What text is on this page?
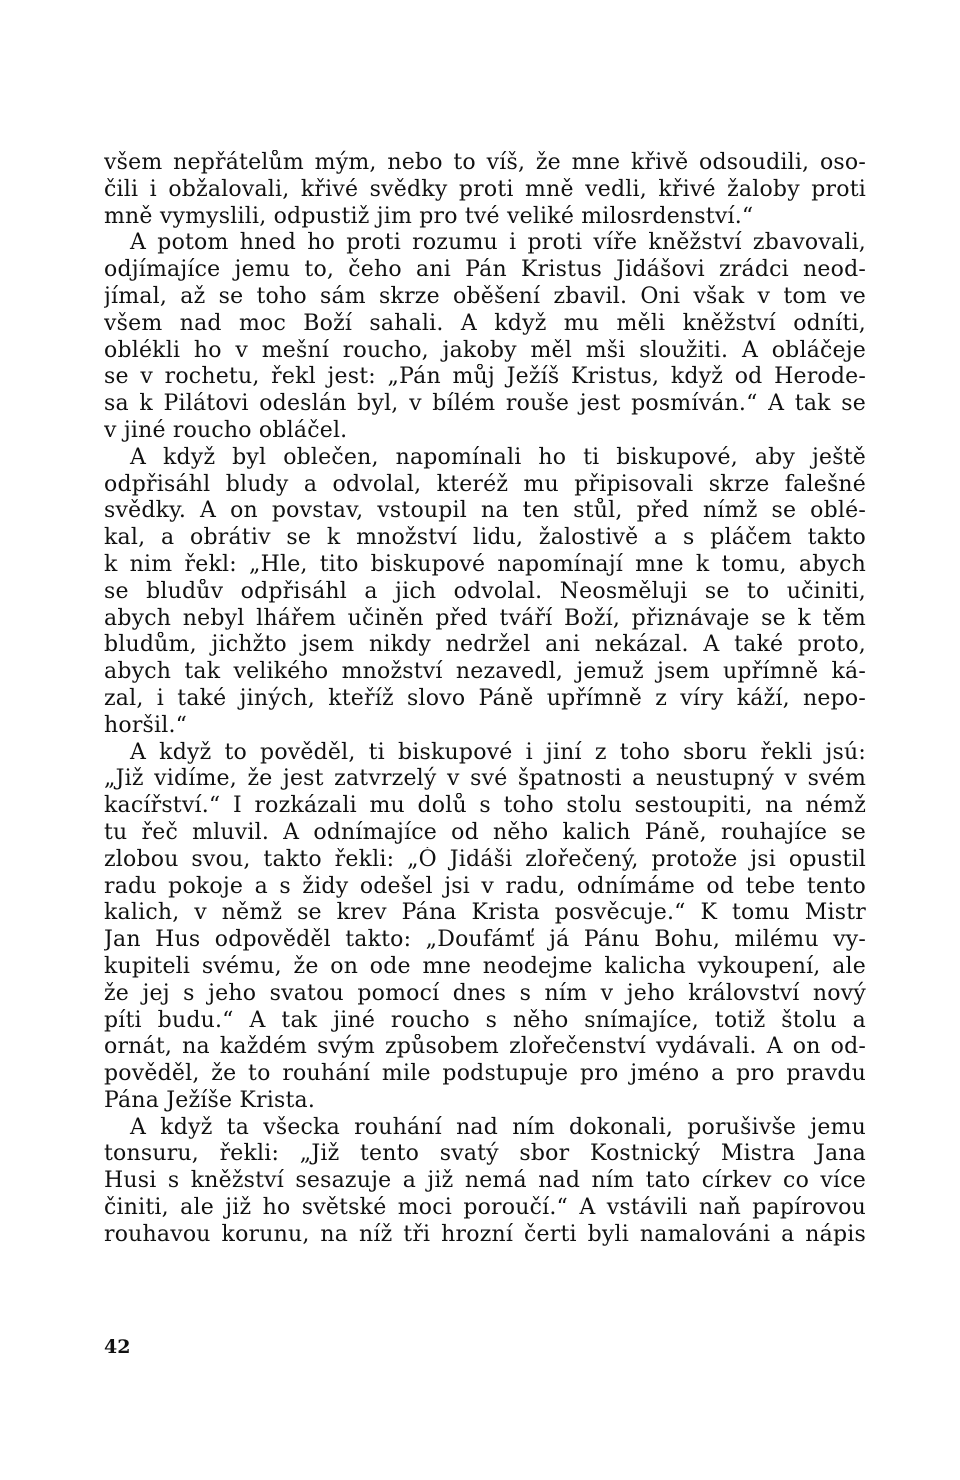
všem nepřátelům mým, nebo to víš, že mne křivě odsoudili, oso-
čili i obžalovali, křivé svědky proti mně vedli, křivé žaloby proti
mně vymyslili, odpustiž jim pro tvé veliké milosrdenství.“
A potom hned ho proti rozumu i proti víře kněžství zbavovali,
odjímajíce jemu to, čeho ani Pán Kristus Jidášovi zrádci neod-
jímal, až se toho sám skrze oběšení zbavil. Oni však v tom ve
všem nad moc Boží sahali. A když mu měli kněžství odníti,
oblékli ho v mešní roucho, jakoby měl mši sloužiti. A obláčeje
se v rochetu, řekl jest: „Pán můj Ježíš Kristus, když od Herode-
sa k Pilátovi odeslán byl, v bílém rouše jest posmíván.“ A tak se
v jiné roucho obláčel.
A když byl oblečen, napomínali ho ti biskupové, aby ještě
odpřisáhl bludy a odvolal, kteréž mu připisovali skrze falešné
svědky. A on povstav, vstoupil na ten stůl, před nímž se oblé-
kal, a obrátiv se k množství lidu, žalostivě a s pláčem takto
k nim řekl: „Hle, tito biskupové napomínají mne k tomu, abych
se bludův odpřisáhl a jich odvolal. Neosměluji se to učiniti,
abych nebyl lhářem učiněn před tváří Boží, přiznávaje se k těm
bludům, jichžto jsem nikdy nedržel ani nekázal. A také proto,
abych tak velikého množství nezavedl, jemuž jsem upřímně ká-
zal, i také jiných, kteříž slovo Páně upřímně z víry káží, nepo-
horšil.“
A když to pověděl, ti biskupové i jiní z toho sboru řekli jsú:
„Již vidíme, že jest zatvrzelý v své špatnosti a neustupný v svém
kacířství.“ I rozkázali mu dolů s toho stolu sestoupiti, na némž
tu řeč mluvil. A odnímajíce od něho kalich Páně, rouhajíce se
zlobou svou, takto řekli: „Ó Jidáši zlořečený, protože jsi opustil
radu pokoje a s židy odešel jsi v radu, odnímáme od tebe tento
kalich, v němž se krev Pána Krista posvěcuje.“ K tomu Mistr
Jan Hus odpověděl takto: „Doufámť já Pánu Bohu, milému vy-
kupiteli svému, že on ode mne neodejme kalicha vykoupení, ale
že jej s jeho svatou pomocí dnes s ním v jeho království nový
píti budu.“ A tak jiné roucho s něho snímajíce, totiž štolu a
ornát, na každém svým způsobem zlořečenství vydávali. A on od-
pověděl, že to rouhání mile podstupuje pro jméno a pro pravdu
Pána Ježíše Krista.
A když ta všecka rouhání nad ním dokonali, porušivše jemu
tonsuru, řekli: „Již tento svatý sbor Kostnický Mistra Jana
Husi s kněžství sesazuje a již nemá nad ním tato církev co více
činiti, ale již ho světské moci poroučí.“ A vstávili naň papírovou
rouhavou korunu, na níž tři hrozní čerti byli namalováni a nápis
42
